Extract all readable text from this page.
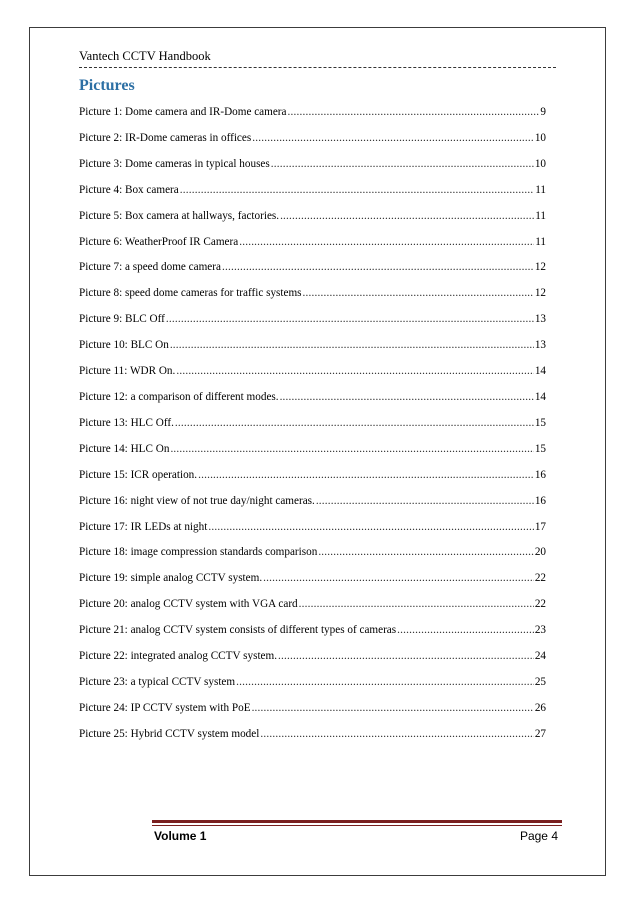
Vantech CCTV Handbook
Pictures
Picture 1: Dome camera and IR-Dome camera .....	9
Picture 2: IR-Dome cameras in offices .....	10
Picture 3: Dome cameras in typical houses .....	10
Picture 4: Box camera .....	11
Picture 5: Box camera at hallways, factories. .....	11
Picture 6: WeatherProof IR Camera .....	11
Picture 7: a speed dome camera .....	12
Picture 8: speed dome cameras for traffic systems .....	12
Picture 9: BLC Off .....	13
Picture 10: BLC On .....	13
Picture 11: WDR On. .....	14
Picture 12: a comparison of different modes. .....	14
Picture 13: HLC Off. .....	15
Picture 14: HLC On .....	15
Picture 15: ICR operation. .....	16
Picture 16: night view of not true day/night cameras. .....	16
Picture 17: IR LEDs at night .....	17
Picture 18: image compression standards comparison .....	20
Picture 19: simple analog CCTV system. .....	22
Picture 20: analog CCTV system with VGA card .....	22
Picture 21: analog CCTV system consists of different types of cameras .....	23
Picture 22: integrated analog CCTV system. .....	24
Picture 23: a typical CCTV system .....	25
Picture 24: IP CCTV system with PoE .....	26
Picture 25: Hybrid CCTV system model .....	27
Volume 1	Page 4
